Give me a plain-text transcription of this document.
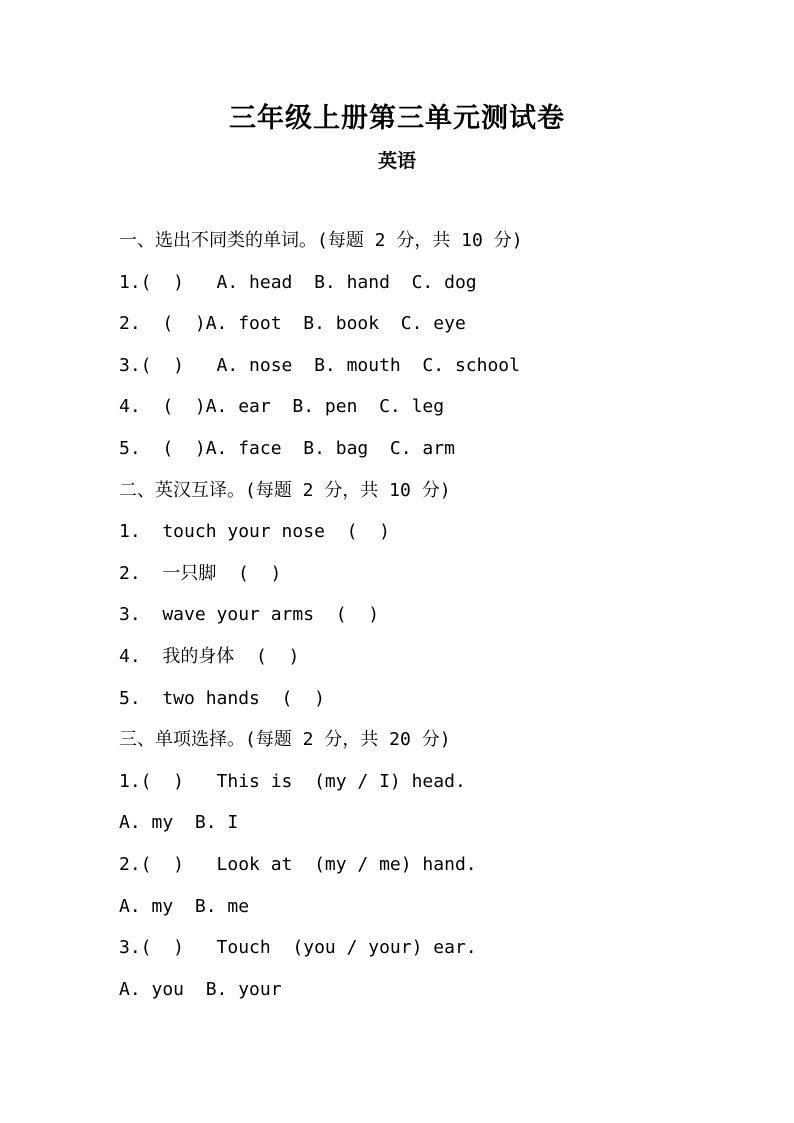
三年级上册第三单元测试卷
英语
一、选出不同类的单词。(每题 2 分，共 10 分)
1.(  )   A. head  B. hand  C. dog
2.  (  )A. foot  B. book  C. eye
3.(  )   A. nose  B. mouth  C. school
4.  (  )A. ear  B. pen  C. leg
5.  (  )A. face  B. bag  C. arm
二、英汉互译。(每题 2 分，共 10 分)
1.  touch your nose  (  )
2.  一只脚  (  )
3.  wave your arms  (  )
4.  我的身体  (  )
5.  two hands  (  )
三、单项选择。(每题 2 分，共 20 分)
1.(  )   This is  (my / I) head.
A. my  B. I
2.(  )   Look at  (my / me) hand.
A. my  B. me
3.(  )   Touch  (you / your) ear.
A. you  B. your
